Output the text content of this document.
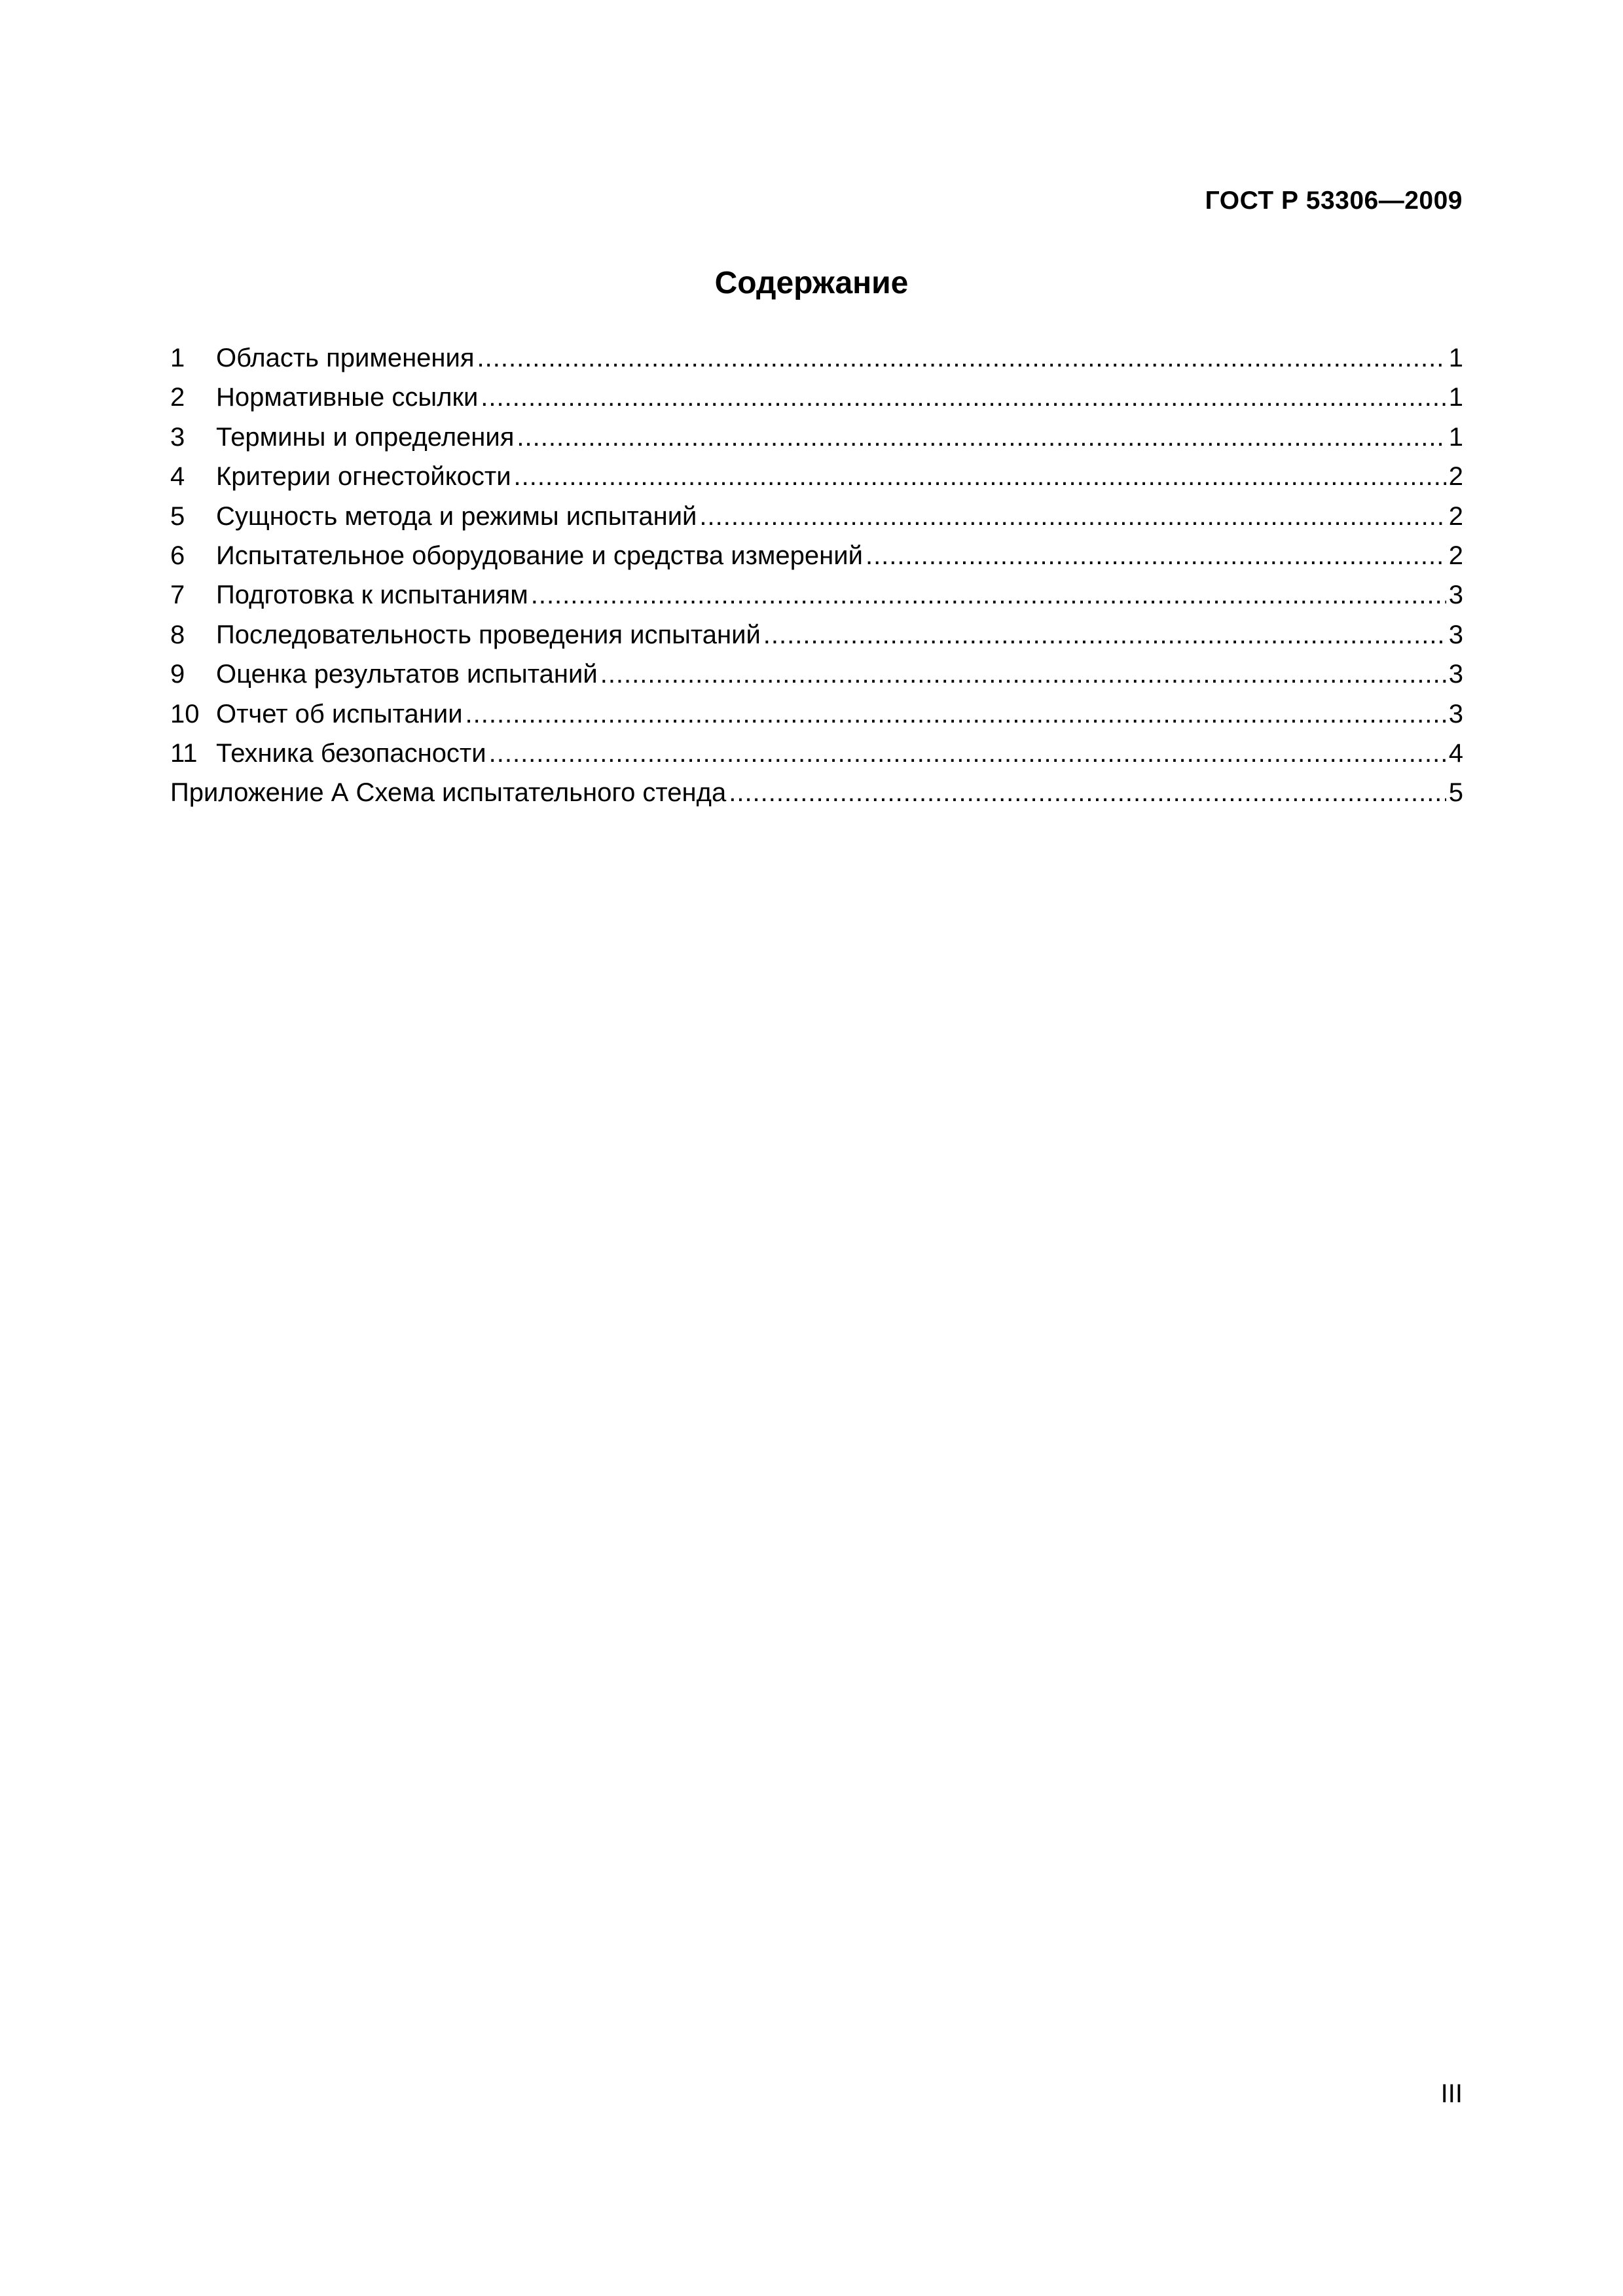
ГОСТ Р 53306—2009
Содержание
1	Область применения .....	1
2	Нормативные ссылки .....	1
3	Термины и определения .....	1
4	Критерии огнестойкости .....	2
5	Сущность метода и режимы испытаний .....	2
6	Испытательное оборудование и средства измерений .....	2
7	Подготовка к испытаниям .....	3
8	Последовательность проведения испытаний .....	3
9	Оценка результатов испытаний .....	3
10 Отчет об испытании .....	3
11 Техника безопасности .....	4
Приложение А Схема испытательного стенда .....	5
III
